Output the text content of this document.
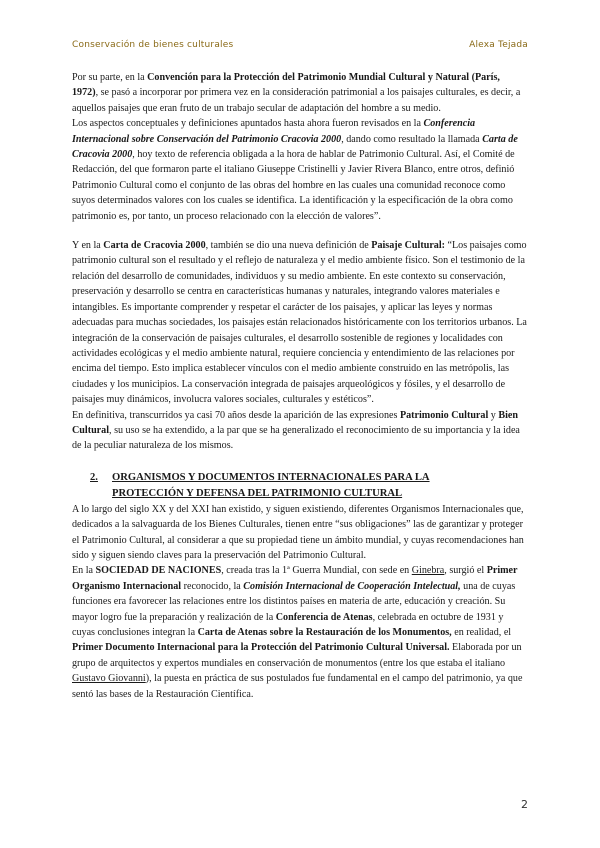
Conservación de bienes culturales	Alexa Tejada

Por su parte, en la Convención para la Protección del Patrimonio Mundial Cultural y Natural (París, 1972), se pasó a incorporar por primera vez en la consideración patrimonial a los paisajes culturales, es decir, a aquellos paisajes que eran fruto de un trabajo secular de adaptación del hombre a su medio.

Los aspectos conceptuales y definiciones apuntados hasta ahora fueron revisados en la Conferencia Internacional sobre Conservación del Patrimonio Cracovia 2000, dando como resultado la llamada Carta de Cracovia 2000, hoy texto de referencia obligada a la hora de hablar de Patrimonio Cultural. Así, el Comité de Redacción, del que formaron parte el italiano Giuseppe Cristinelli y Javier Rivera Blanco, entre otros, definió Patrimonio Cultural como el conjunto de las obras del hombre en las cuales una comunidad reconoce como suyos determinados valores con los cuales se identifica. La identificación y la especificación de la obra como patrimonio es, por tanto, un proceso relacionado con la elección de valores”.

Y en la Carta de Cracovia 2000, también se dio una nueva definición de Paisaje Cultural: “Los paisajes como patrimonio cultural son el resultado y el reflejo de naturaleza y el medio ambiente físico. Son el testimonio de la relación del desarrollo de comunidades, individuos y su medio ambiente. En este contexto su conservación, preservación y desarrollo se centra en características humanas y naturales, integrando valores materiales e intangibles. Es importante comprender y respetar el carácter de los paisajes, y aplicar las leyes y normas adecuadas para muchas sociedades, los paisajes están relacionados históricamente con los territorios urbanos. La integración de la conservación de paisajes culturales, el desarrollo sostenible de regiones y localidades con actividades ecológicas y el medio ambiente natural, requiere conciencia y entendimiento de las relaciones por encima del tiempo. Esto implica establecer vínculos con el medio ambiente construido en las metrópolis, las ciudades y los municipios. La conservación integrada de paisajes arqueológicos y fósiles, y el desarrollo de paisajes muy dinámicos, involucra valores sociales, culturales y estéticos”.

En definitiva, transcurridos ya casi 70 años desde la aparición de las expresiones Patrimonio Cultural y Bien Cultural, su uso se ha extendido, a la par que se ha generalizado el reconocimiento de su importancia y la idea de la peculiar naturaleza de los mismos.

2. ORGANISMOS Y DOCUMENTOS INTERNACIONALES PARA LA
PROTECCIÓN Y DEFENSA DEL PATRIMONIO CULTURAL

A lo largo del siglo XX y del XXI han existido, y siguen existiendo, diferentes Organismos Internacionales que, dedicados a la salvaguarda de los Bienes Culturales, tienen entre “sus obligaciones” las de garantizar y proteger el Patrimonio Cultural, al considerar a que su propiedad tiene un ámbito mundial, y cuyas recomendaciones han sido y siguen siendo claves para la preservación del Patrimonio Cultural.

En la SOCIEDAD DE NACIONES, creada tras la 1ª Guerra Mundial, con sede en Ginebra, surgió el Primer Organismo Internacional reconocido, la Comisión Internacional de Cooperación Intelectual, una de cuyas funciones era favorecer las relaciones entre los distintos países en materia de arte, educación y creación. Su mayor logro fue la preparación y realización de la Conferencia de Atenas, celebrada en octubre de 1931 y cuyas conclusiones integran la Carta de Atenas sobre la Restauración de los Monumentos, en realidad, el Primer Documento Internacional para la Protección del Patrimonio Cultural Universal. Elaborada por un grupo de arquitectos y expertos mundiales en conservación de monumentos (entre los que estaba el italiano Gustavo Giovanni), la puesta en práctica de sus postulados fue fundamental en el campo del patrimonio, ya que sentó las bases de la Restauración Científica.

2
